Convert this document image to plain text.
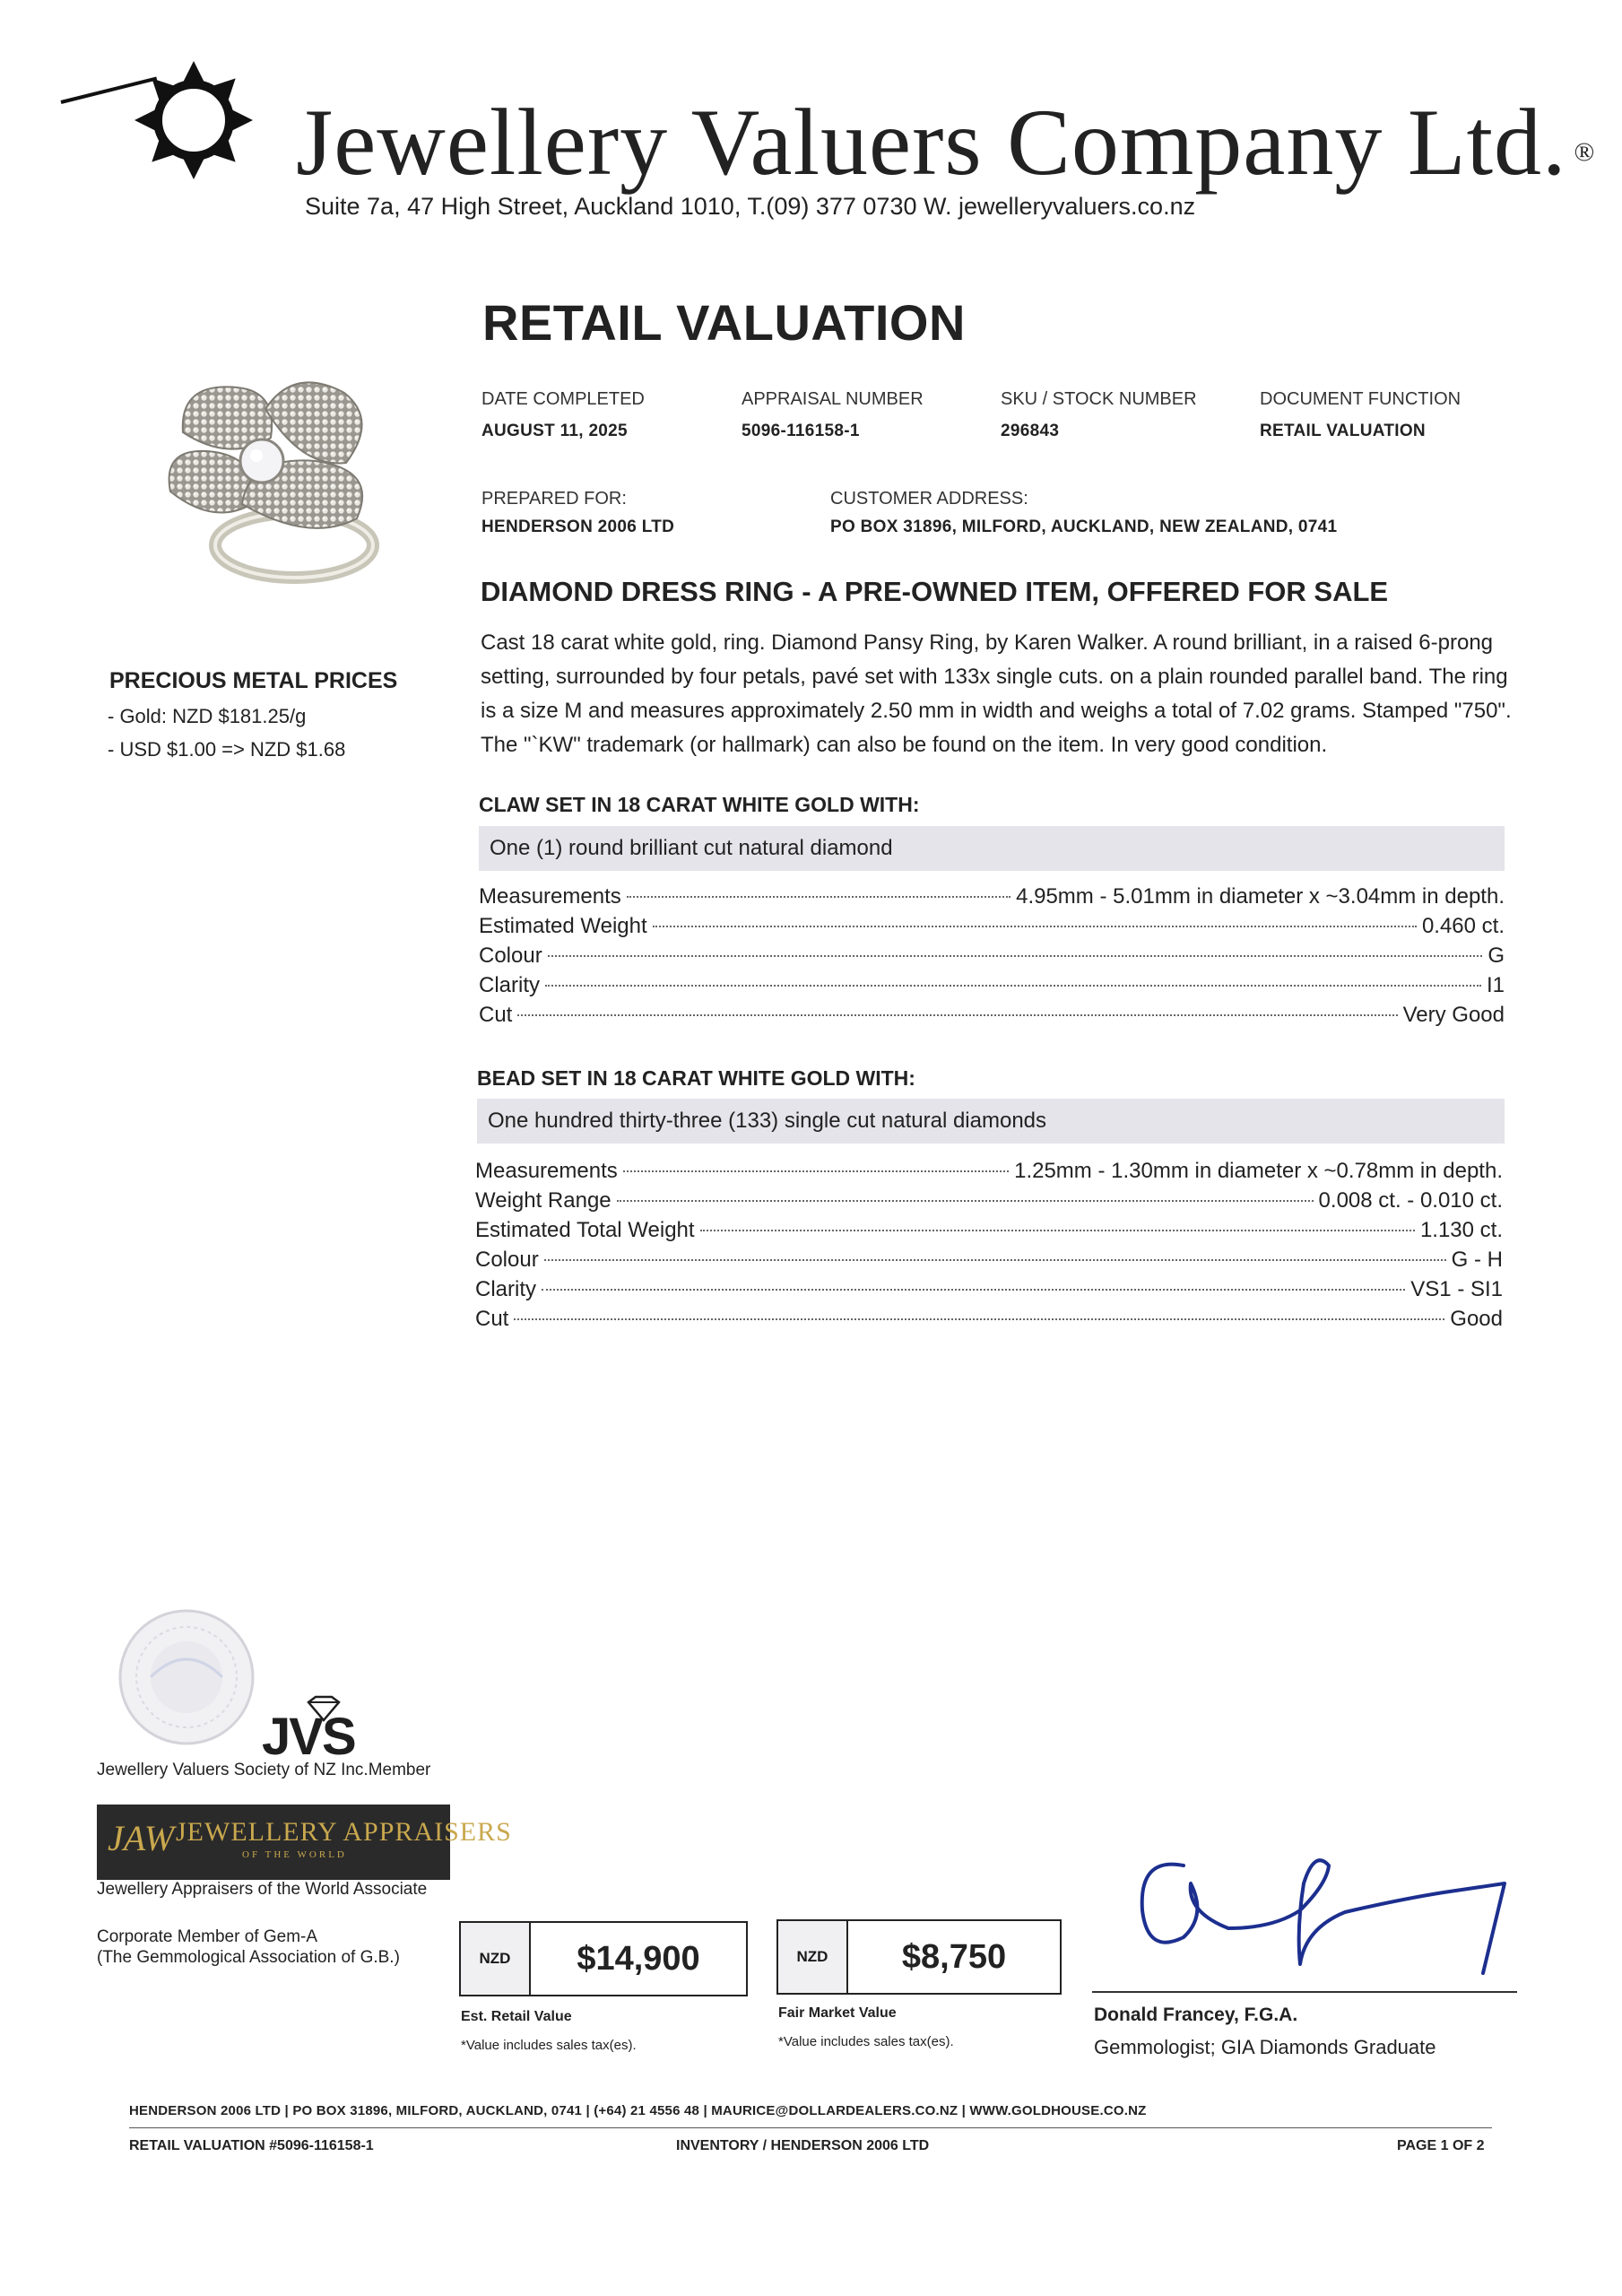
Jewellery Valuers Company Ltd. ®
Suite 7a, 47 High Street, Auckland 1010, T.(09) 377 0730 W. jewelleryvaluers.co.nz
RETAIL VALUATION
DATE COMPLETED
AUGUST 11, 2025
APPRAISAL NUMBER
5096-116158-1
SKU / STOCK NUMBER
296843
DOCUMENT FUNCTION
RETAIL VALUATION
PREPARED FOR:
HENDERSON 2006 LTD
CUSTOMER ADDRESS:
PO BOX 31896, MILFORD, AUCKLAND, NEW ZEALAND, 0741
DIAMOND DRESS RING - A PRE-OWNED ITEM, OFFERED FOR SALE
Cast 18 carat white gold, ring. Diamond Pansy Ring, by Karen Walker. A round brilliant, in a raised 6-prong setting, surrounded by four petals, pavé set with 133x single cuts. on a plain rounded parallel band. The ring is a size M and measures approximately 2.50 mm in width and weighs a total of 7.02 grams. Stamped "750". The "`KW" trademark (or hallmark) can also be found on the item. In very good condition.
CLAW SET IN 18 CARAT WHITE GOLD WITH:
One (1) round brilliant cut natural diamond
Measurements	4.95mm - 5.01mm in diameter x ~3.04mm in depth.
Estimated Weight	0.460 ct.
Colour	G
Clarity	I1
Cut	Very Good
BEAD SET IN 18 CARAT WHITE GOLD WITH:
One hundred thirty-three (133) single cut natural diamonds
Measurements	1.25mm - 1.30mm in diameter x ~0.78mm in depth.
Weight Range	0.008 ct. - 0.010 ct.
Estimated Total Weight	1.130 ct.
Colour	G - H
Clarity	VS1 - SI1
Cut	Good
PRECIOUS METAL PRICES
- Gold: NZD $181.25/g
- USD $1.00 => NZD $1.68
JVS
Jewellery Valuers Society of NZ Inc.Member
JAW JEWELLERY APPRAISERS
OF THE WORLD
Jewellery Appraisers of the World Associate
Corporate Member of Gem-A
(The Gemmological Association of G.B.)	NZD	$14,900
Est. Retail Value
*Value includes sales tax(es).
NZD	$8,750
Fair Market Value
*Value includes sales tax(es).
Donald Francey, F.G.A.
Gemmologist; GIA Diamonds Graduate
HENDERSON 2006 LTD | PO BOX 31896, MILFORD, AUCKLAND, 0741 | (+64) 21 4556 48 | MAURICE@DOLLARDEALERS.CO.NZ | WWW.GOLDHOUSE.CO.NZ
RETAIL VALUATION #5096-116158-1	INVENTORY / HENDERSON 2006 LTD	PAGE 1 OF 2
